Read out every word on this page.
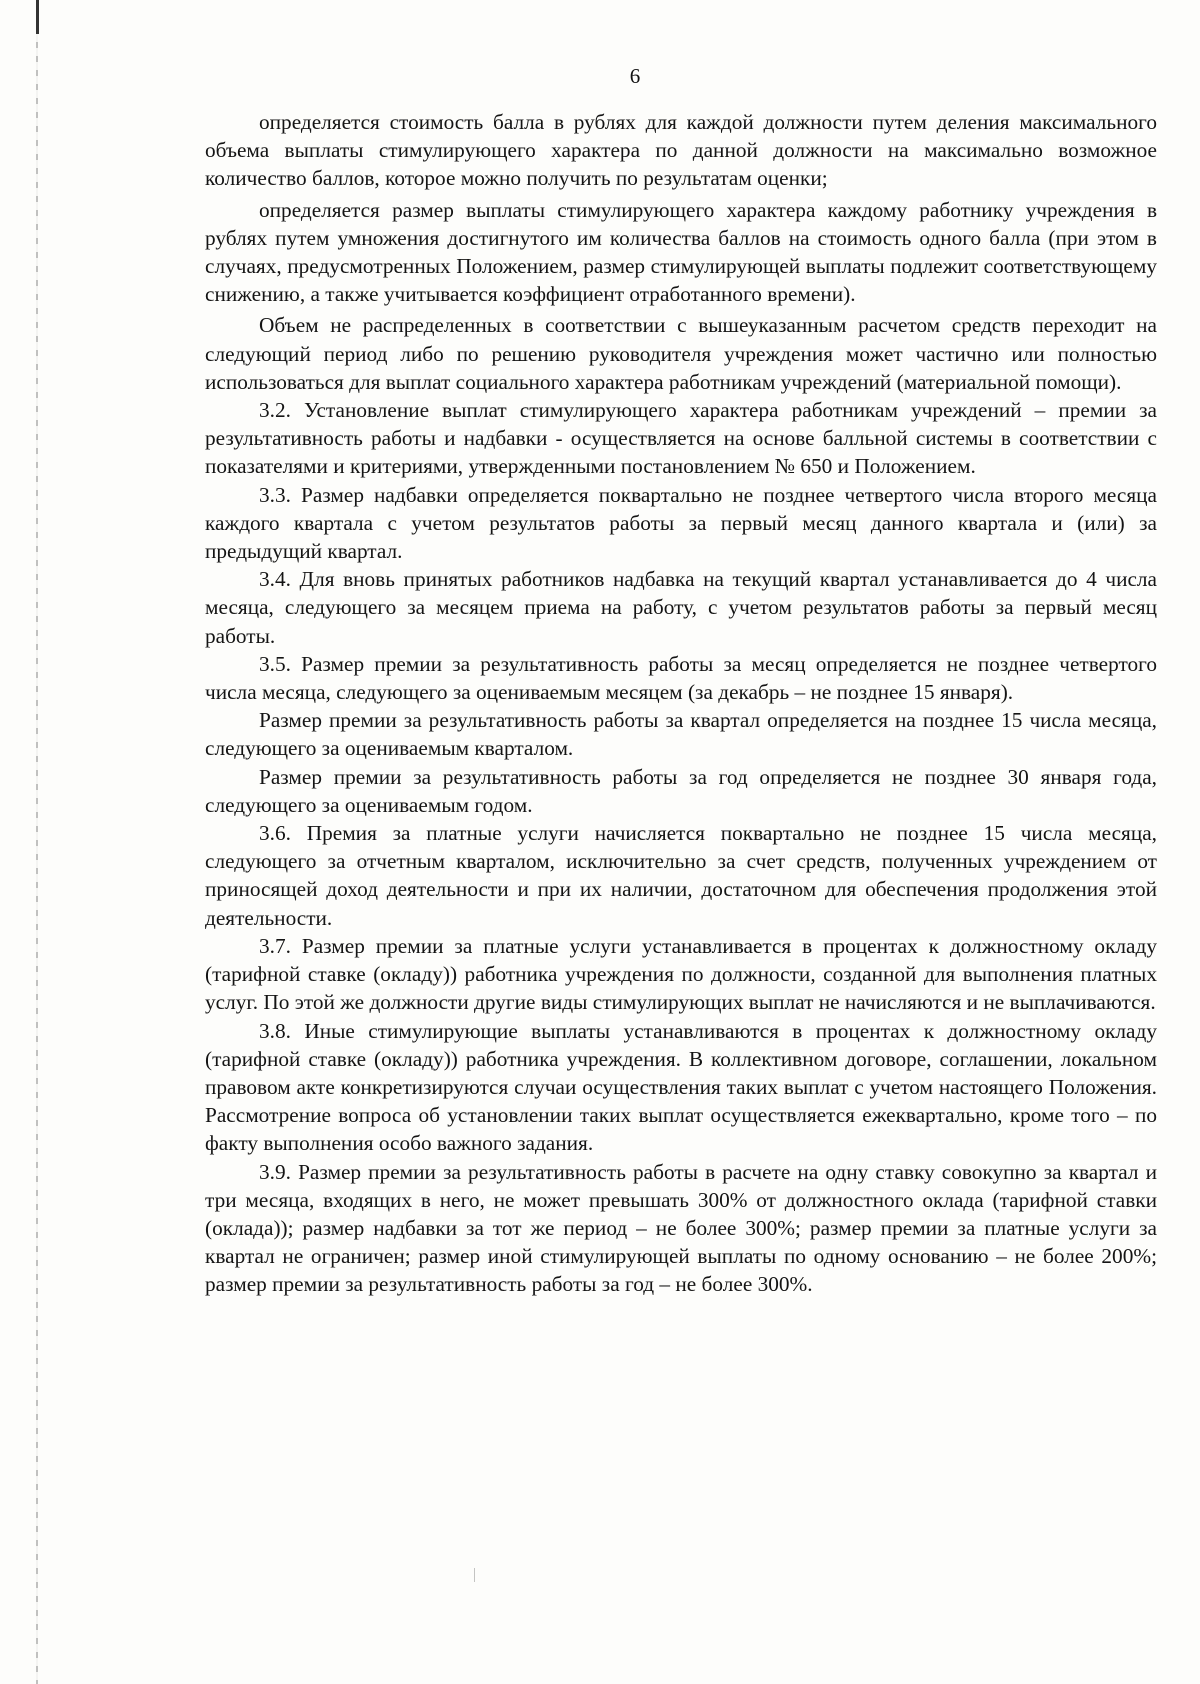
6

определяется стоимость балла в рублях для каждой должности путем деления максимального объема выплаты стимулирующего характера по данной должности на максимально возможное количество баллов, которое можно получить по результатам оценки;

определяется размер выплаты стимулирующего характера каждому работнику учреждения в рублях путем умножения достигнутого им количества баллов на стоимость одного балла (при этом в случаях, предусмотренных Положением, размер стимулирующей выплаты подлежит соответствующему снижению, а также учитывается коэффициент отработанного времени).

Объем не распределенных в соответствии с вышеуказанным расчетом средств переходит на следующий период либо по решению руководителя учреждения может частично или полностью использоваться для выплат социального характера работникам учреждений (материальной помощи).

3.2. Установление выплат стимулирующего характера работникам учреждений – премии за результативность работы и надбавки - осуществляется на основе балльной системы в соответствии с показателями и критериями, утвержденными постановлением № 650 и Положением.

3.3. Размер надбавки определяется поквартально не позднее четвертого числа второго месяца каждого квартала с учетом результатов работы за первый месяц данного квартала и (или) за предыдущий квартал.

3.4. Для вновь принятых работников надбавка на текущий квартал устанавливается до 4 числа месяца, следующего за месяцем приема на работу, с учетом результатов работы за первый месяц работы.

3.5. Размер премии за результативность работы за месяц определяется не позднее четвертого числа месяца, следующего за оцениваемым месяцем (за декабрь – не позднее 15 января).

Размер премии за результативность работы за квартал определяется на позднее 15 числа месяца, следующего за оцениваемым кварталом.

Размер премии за результативность работы за год определяется не позднее 30 января года, следующего за оцениваемым годом.

3.6. Премия за платные услуги начисляется поквартально не позднее 15 числа месяца, следующего за отчетным кварталом, исключительно за счет средств, полученных учреждением от приносящей доход деятельности и при их наличии, достаточном для обеспечения продолжения этой деятельности.

3.7. Размер премии за платные услуги устанавливается в процентах к должностному окладу (тарифной ставке (окладу)) работника учреждения по должности, созданной для выполнения платных услуг. По этой же должности другие виды стимулирующих выплат не начисляются и не выплачиваются.

3.8. Иные стимулирующие выплаты устанавливаются в процентах к должностному окладу (тарифной ставке (окладу)) работника учреждения. В коллективном договоре, соглашении, локальном правовом акте конкретизируются случаи осуществления таких выплат с учетом настоящего Положения. Рассмотрение вопроса об установлении таких выплат осуществляется ежеквартально, кроме того – по факту выполнения особо важного задания.

3.9. Размер премии за результативность работы в расчете на одну ставку совокупно за квартал и три месяца, входящих в него, не может превышать 300% от должностного оклада (тарифной ставки (оклада)); размер надбавки за тот же период – не более 300%; размер премии за платные услуги за квартал не ограничен; размер иной стимулирующей выплаты по одному основанию – не более 200%; размер премии за результативность работы за год – не более 300%.
